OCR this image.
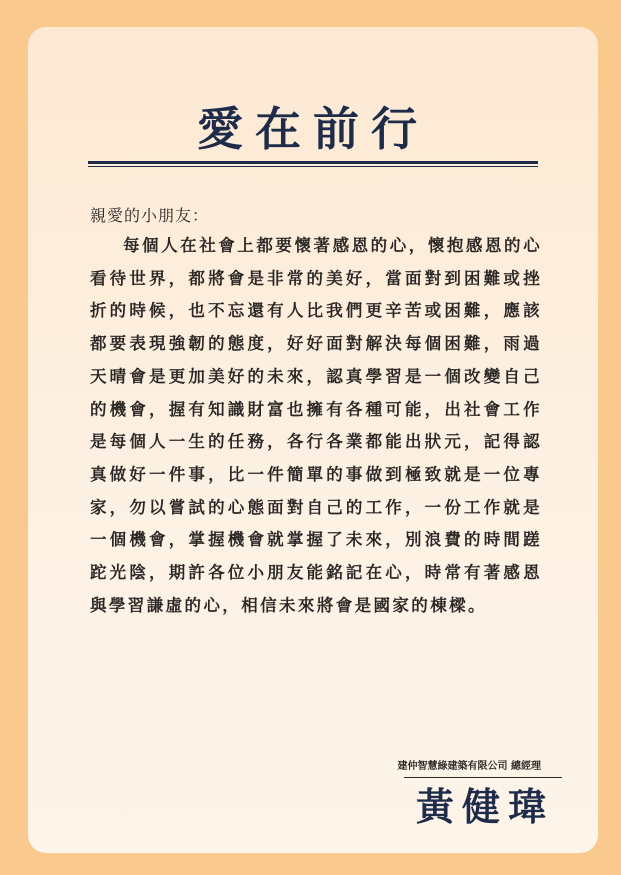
愛在前行
親愛的小朋友：

每個人在社會上都要懷著感恩的心，懷抱感恩的心看待世界，都將會是非常的美好，當面對到困難或挫折的時候，也不忘還有人比我們更辛苦或困難，應該都要表現強韌的態度，好好面對解決每個困難，雨過天晴會是更加美好的未來，認真學習是一個改變自己的機會，握有知識財富也擁有各種可能，出社會工作是每個人一生的任務，各行各業都能出狀元，記得認真做好一件事，比一件簡單的事做到極致就是一位專家，勿以嘗試的心態面對自己的工作，一份工作就是一個機會，掌握機會就掌握了未來，別浪費的時間蹉跎光陰，期許各位小朋友能銘記在心，時常有著感恩與學習謙虛的心，相信未來將會是國家的棟樑。

建仲智慧綠建築有限公司 總經理
黃健瑋
